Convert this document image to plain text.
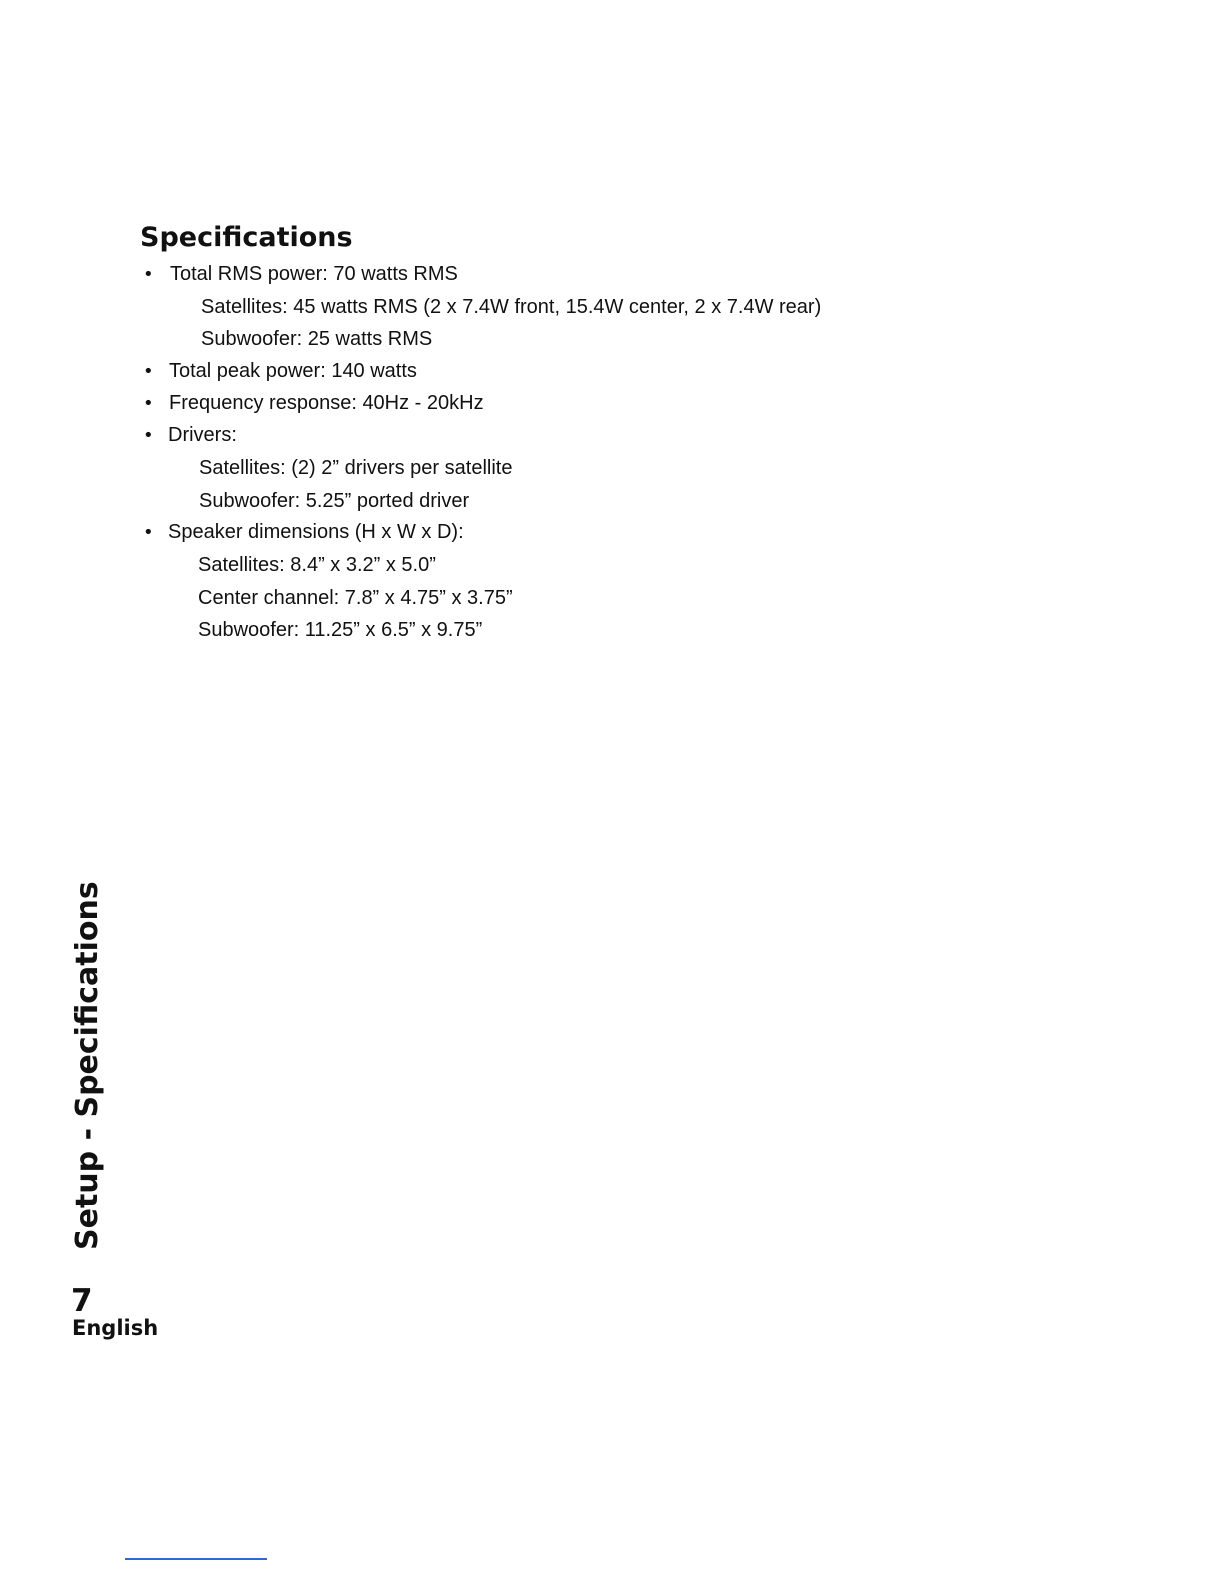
Specifications
• Total RMS power: 70 watts RMS
Satellites: 45 watts RMS (2 x 7.4W front, 15.4W center, 2 x 7.4W rear)
Subwoofer: 25 watts RMS
• Total peak power: 140 watts
• Frequency response: 40Hz - 20kHz
• Drivers:
Satellites: (2) 2” drivers per satellite
Subwoofer: 5.25” ported driver
• Speaker dimensions (H x W x D):
Satellites: 8.4” x 3.2” x 5.0”
Center channel: 7.8” x 4.75” x 3.75”
Subwoofer: 11.25” x 6.5” x 9.75”
Setup - Specifications
7
English
